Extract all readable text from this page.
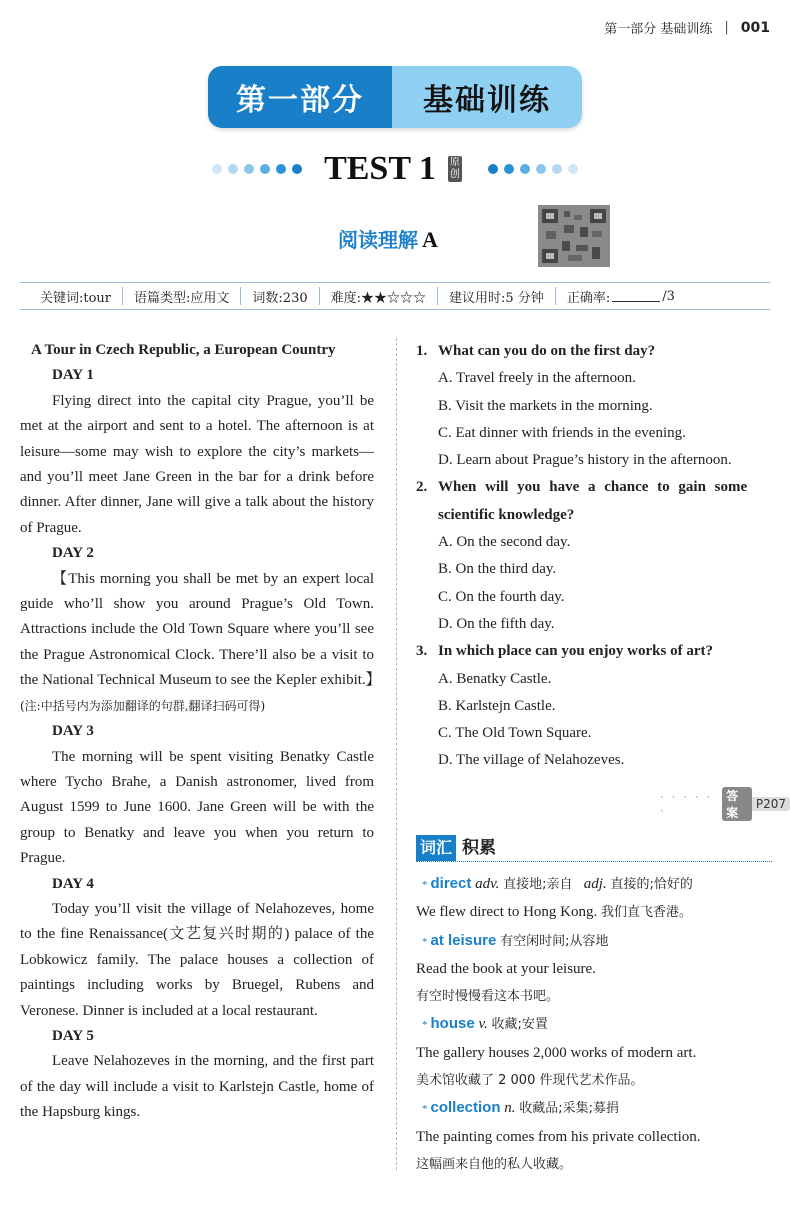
第一部分 基础训练 | 001
第一部分	基础训练
TEST 1 原
创
阅读理解 A
关键词:tour	语篇类型:应用文	词数:230	难度:★★☆☆☆	建议用时:5 分钟	正确率:	/3
A Tour in Czech Republic, a European Country
DAY 1

Flying direct into the capital city Prague, you’ll be met at the airport and sent to a hotel. The afternoon is at leisure—some may wish to explore the city’s markets—and you’ll meet Jane Green in the bar for a drink before dinner. After dinner, Jane will give a talk about the history of Prague.

DAY 2

【This morning you shall be met by an expert local guide who’ll show you around Prague’s Old Town. Attractions include the Old Town Square where you’ll see the Prague Astronomical Clock. There’ll also be a visit to the National Technical Museum to see the Kepler exhibit.】(注:中括号内为添加翻译的句群,翻译扫码可得)

DAY 3

The morning will be spent visiting Benatky Castle where Tycho Brahe, a Danish astronomer, lived from August 1599 to June 1600. Jane Green will be with the group to Benatky and leave you when you return to Prague.

DAY 4

Today you’ll visit the village of Nelahozeves, home to the fine Renaissance(文艺复兴时期的) palace of the Lobkowicz family. The palace houses a collection of paintings including works by Bruegel, Rubens and Veronese. Dinner is included at a local restaurant.

DAY 5

Leave Nelahozeves in the morning, and the first part of the day will include a visit to Karlstejn Castle, home of the Hapsburg kings.

1. What can you do on the first day?
A. Travel freely in the afternoon.
B. Visit the markets in the morning.
C. Eat dinner with friends in the evening.
D. Learn about Prague’s history in the afternoon.
2. When will you have a chance to gain some
scientific knowledge?
A. On the second day.
B. On the third day.
C. On the fourth day.
D. On the fifth day.
3. In which place can you enjoy works of art?
A. Benatky Castle.
B. Karlstejn Castle.
C. The Old Town Square.
D. The village of Nelahozeves.
· · · · · ·
答案
P207
词汇 积累
* direct adv. 直接地;亲自 adj. 直接的;恰好的
We flew direct to Hong Kong. 我们直飞香港。
* at leisure 有空闲时间;从容地
Read the book at your leisure.
有空时慢慢看这本书吧。
* house v. 收藏;安置
The gallery houses 2,000 works of modern art.
美术馆收藏了 2 000 件现代艺术作品。
* collection n. 收藏品;采集;募捐
The painting comes from his private collection.
这幅画来自他的私人收藏。
